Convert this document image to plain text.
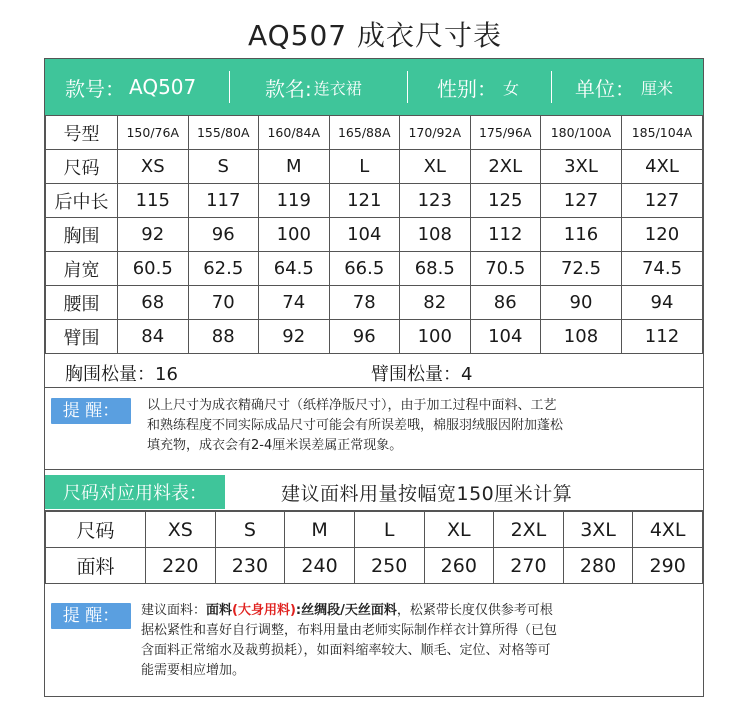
AQ507 成衣尺寸表
款号： AQ507	款名: 连衣裙	性别： 女	单位： 厘米
号型	150/76A	155/80A	160/84A	165/88A	170/92A	175/96A	180/100A	185/104A
尺码	XS	S	M	L	XL	2XL	3XL	4XL
后中长	115	117	119	121	123	125	127	127
胸围	92	96	100	104	108	112	116	120
肩宽	60.5	62.5	64.5	66.5	68.5	70.5	72.5	74.5
腰围	68	70	74	78	82	86	90	94
臂围	84	88	92	96	100	104	108	112
胸围松量：16	臂围松量：4
提 醒：	以上尺寸为成衣精确尺寸（纸样净版尺寸），由于加工过程中面料、工艺
和熟练程度不同实际成品尺寸可能会有所误差哦，棉服羽绒服因附加蓬松
填充物，成衣会有2-4厘米误差属正常现象。
尺码对应用料表：	建议面料用量按幅宽150厘米计算
尺码	XS	S	M	L	XL	2XL	3XL	4XL
面料	220	230	240	250	260	270	280	290
提 醒：	建议面料：面料(大身用料):丝绸段/天丝面料，松紧带长度仅供参考可根
据松紧性和喜好自行调整，布料用量由老师实际制作样衣计算所得（已包
含面料正常缩水及裁剪损耗），如面料缩率较大、顺毛、定位、对格等可
能需要相应增加。
